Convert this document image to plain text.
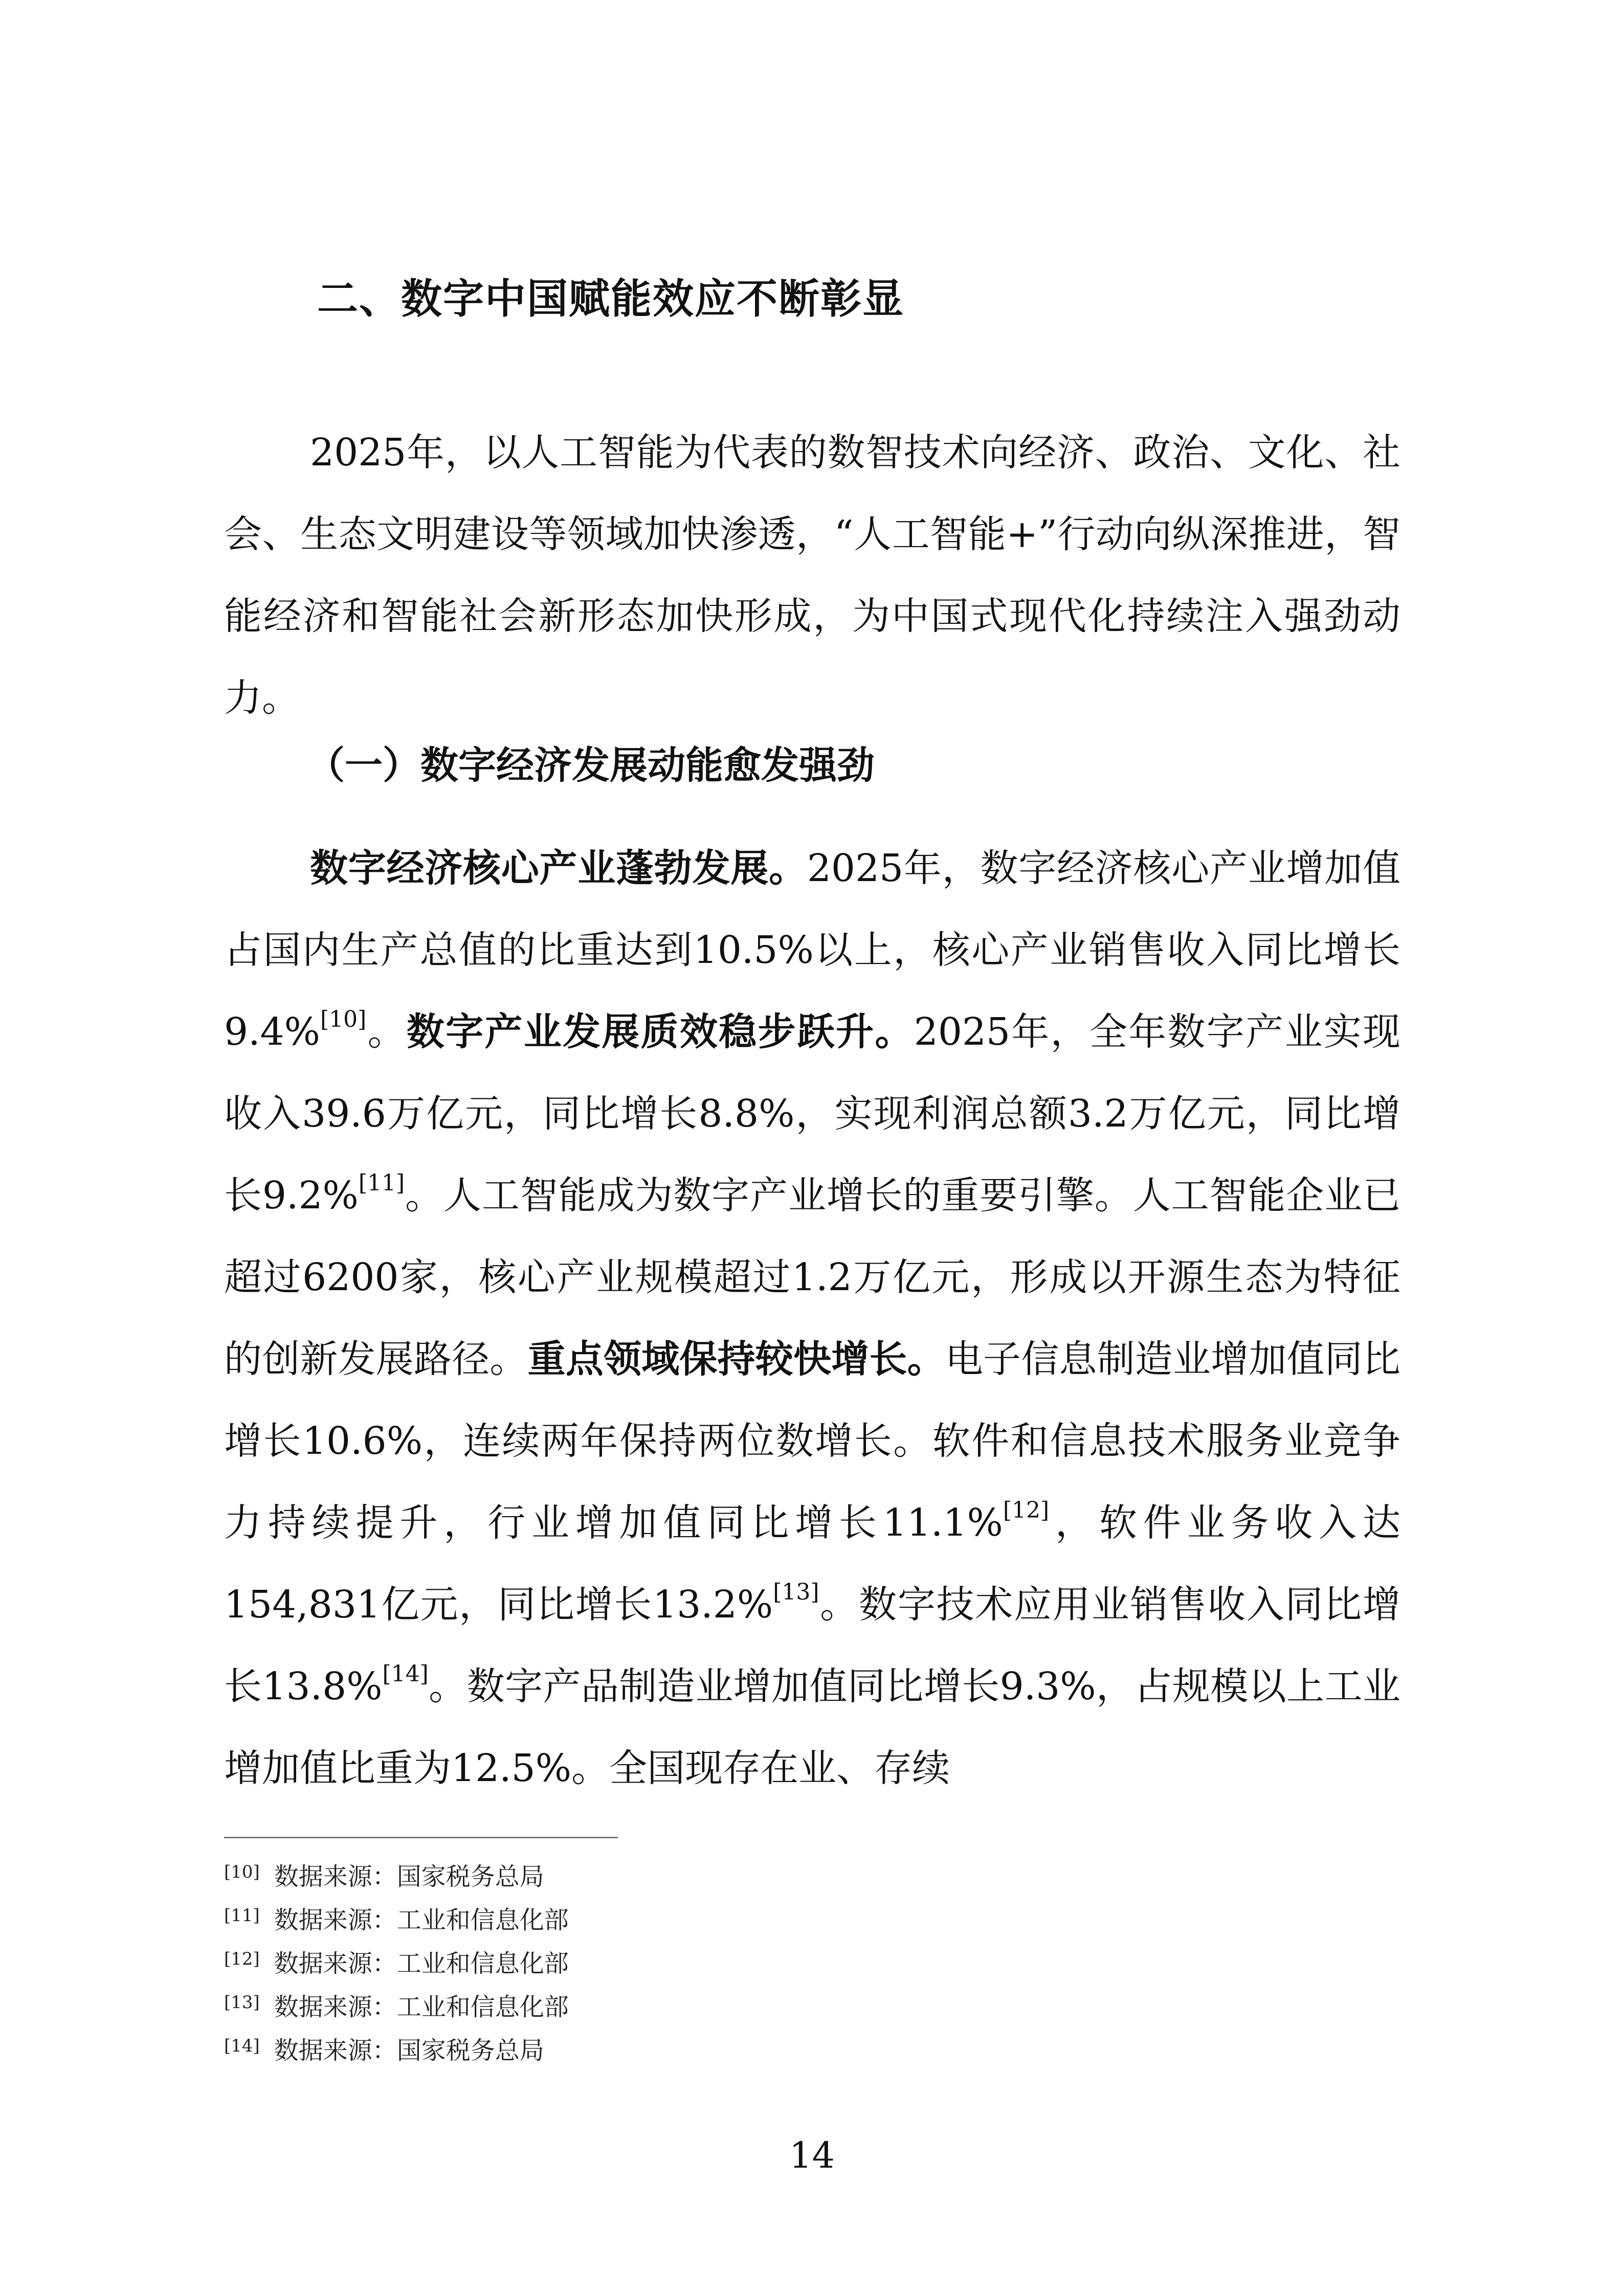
二、数字中国赋能效应不断彰显

2025年，以人工智能为代表的数智技术向经济、政治、文化、社会、生态文明建设等领域加快渗透，“人工智能+”行动向纵深推进，智能经济和智能社会新形态加快形成，为中国式现代化持续注入强劲动力。

（一）数字经济发展动能愈发强劲

数字经济核心产业蓬勃发展。2025年，数字经济核心产业增加值占国内生产总值的比重达到10.5%以上，核心产业销售收入同比增长9.4%[10]。数字产业发展质效稳步跃升。2025年，全年数字产业实现收入39.6万亿元，同比增长8.8%，实现利润总额3.2万亿元，同比增长9.2%[11]。人工智能成为数字产业增长的重要引擎。人工智能企业已超过6200家，核心产业规模超过1.2万亿元，形成以开源生态为特征的创新发展路径。重点领域保持较快增长。电子信息制造业增加值同比增长10.6%，连续两年保持两位数增长。软件和信息技术服务业竞争力持续提升，行业增加值同比增长11.1%[12]，软件业务收入达154,831亿元，同比增长13.2%[13]。数字技术应用业销售收入同比增长13.8%[14]。数字产品制造业增加值同比增长9.3%，占规模以上工业增加值比重为12.5%。全国现存在业、存续

[10] 数据来源：国家税务总局
[11] 数据来源：工业和信息化部
[12] 数据来源：工业和信息化部
[13] 数据来源：工业和信息化部
[14] 数据来源：国家税务总局
14
